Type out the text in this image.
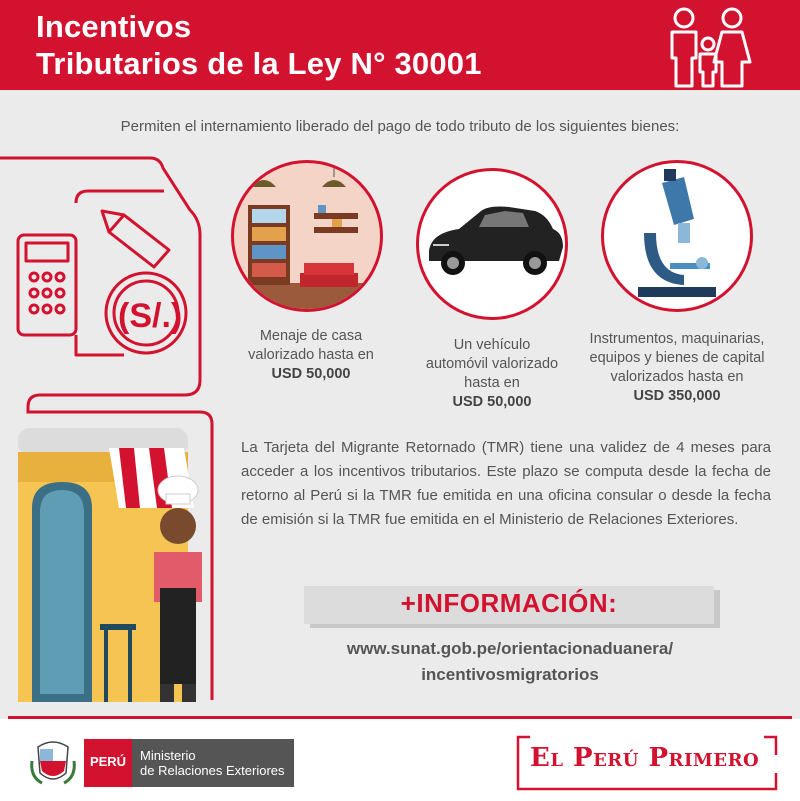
Incentivos
Tributarios de la Ley N° 30001
Permiten el internamiento liberado del pago de todo tributo de los siguientes bienes:
(S/.)
Menaje de casa
valorizado hasta en
USD 50,000
Un vehículo
automóvil valorizado
hasta en
USD 50,000
Instrumentos, maquinarias,
equipos y bienes de capital
valorizados hasta en
USD 350,000
La Tarjeta del Migrante Retornado (TMR) tiene una validez de 4 meses para acceder a los incentivos tributarios. Este plazo se computa desde la fecha de retorno al Perú si la TMR fue emitida en una oficina consular o desde la fecha de emisión si la TMR fue emitida en el Ministerio de Relaciones Exteriores.
+INFORMACIÓN:
www.sunat.gob.pe/orientacionaduanera/
incentivosmigratorios
PERÚ	Ministerio
de Relaciones Exteriores	El Perú Primero
